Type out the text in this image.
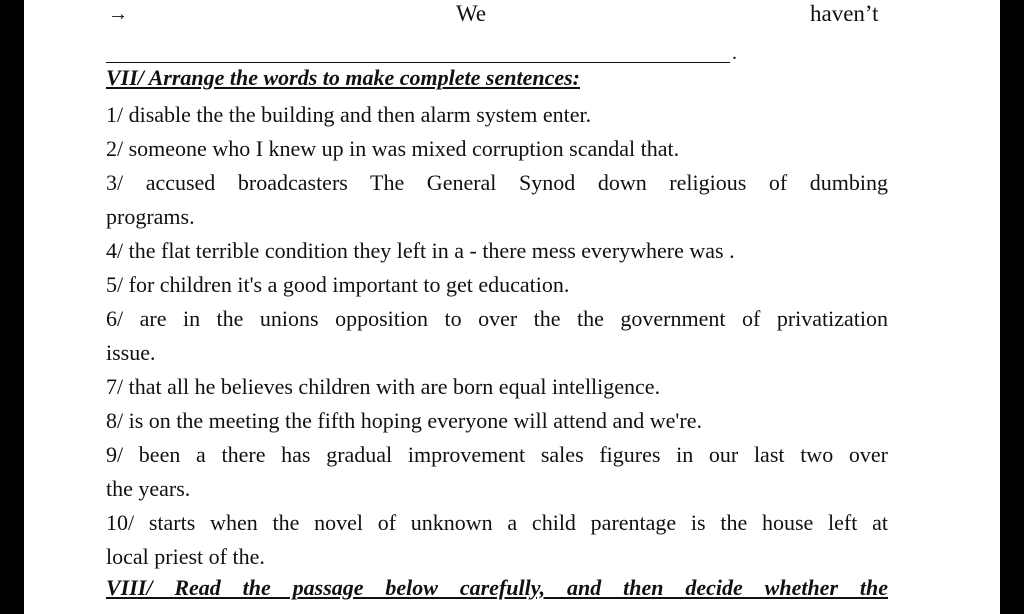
→	We	haven’t
.
VII/ Arrange the words to make complete sentences:

1/ disable the the building and then alarm system enter.

2/ someone who I knew up in was mixed corruption scandal that.

3/ accused broadcasters The General Synod down religious of dumbing
programs.

4/ the flat terrible condition they left in a - there mess everywhere was .

5/ for children it's a good important to get education.

6/ are in the unions opposition to over the the government of privatization
issue.

7/ that all he believes children with are born equal intelligence.

8/ is on the meeting the fifth hoping everyone will attend and we're.

9/ been a there has gradual improvement sales figures in our last two over
the years.

10/ starts when the novel of unknown a child parentage is the house left at
local priest of the.

VIII/ Read the passage below carefully, and then decide whether the
